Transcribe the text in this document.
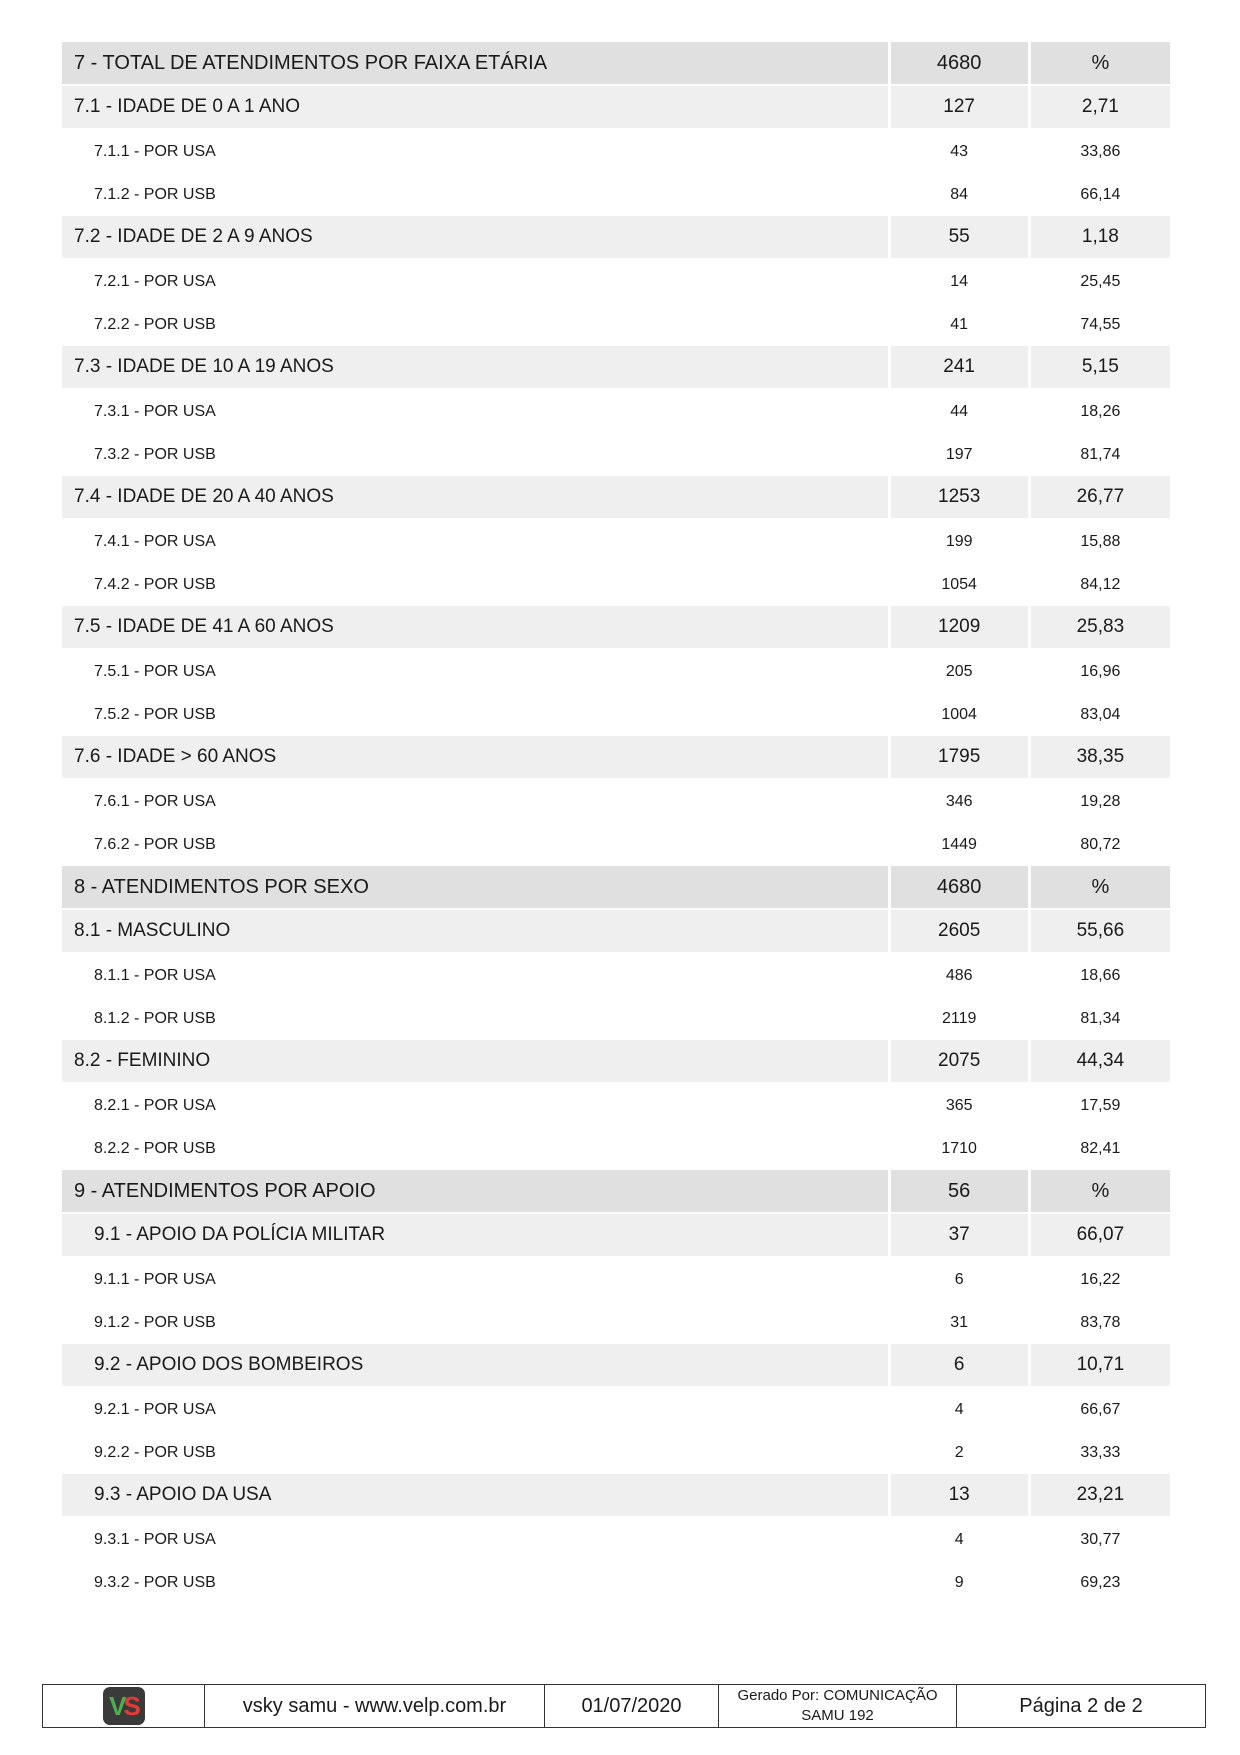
7 - TOTAL DE ATENDIMENTOS POR FAIXA ETÁRIA	4680	%
7.1 - IDADE DE 0 A 1 ANO	127	2,71
7.1.1 - POR USA	43	33,86
7.1.2 - POR USB	84	66,14
7.2 - IDADE DE 2 A 9 ANOS	55	1,18
7.2.1 - POR USA	14	25,45
7.2.2 - POR USB	41	74,55
7.3 - IDADE DE 10 A 19 ANOS	241	5,15
7.3.1 - POR USA	44	18,26
7.3.2 - POR USB	197	81,74
7.4 - IDADE DE 20 A 40 ANOS	1253	26,77
7.4.1 - POR USA	199	15,88
7.4.2 - POR USB	1054	84,12
7.5 - IDADE DE 41 A 60 ANOS	1209	25,83
7.5.1 - POR USA	205	16,96
7.5.2 - POR USB	1004	83,04
7.6 - IDADE > 60 ANOS	1795	38,35
7.6.1 - POR USA	346	19,28
7.6.2 - POR USB	1449	80,72
8 - ATENDIMENTOS POR SEXO	4680	%
8.1 - MASCULINO	2605	55,66
8.1.1 - POR USA	486	18,66
8.1.2 - POR USB	2119	81,34
8.2 - FEMININO	2075	44,34
8.2.1 - POR USA	365	17,59
8.2.2 - POR USB	1710	82,41
9 - ATENDIMENTOS POR APOIO	56	%
9.1 - APOIO DA POLÍCIA MILITAR	37	66,07
9.1.1 - POR USA	6	16,22
9.1.2 - POR USB	31	83,78
9.2 - APOIO DOS BOMBEIROS	6	10,71
9.2.1 - POR USA	4	66,67
9.2.2 - POR USB	2	33,33
9.3 - APOIO DA USA	13	23,21
9.3.1 - POR USA	4	30,77
9.3.2 - POR USB	9	69,23
V S	vsky samu - www.velp.com.br	01/07/2020	Gerado Por: COMUNICAÇÃO
SAMU 192	Página 2 de 2
